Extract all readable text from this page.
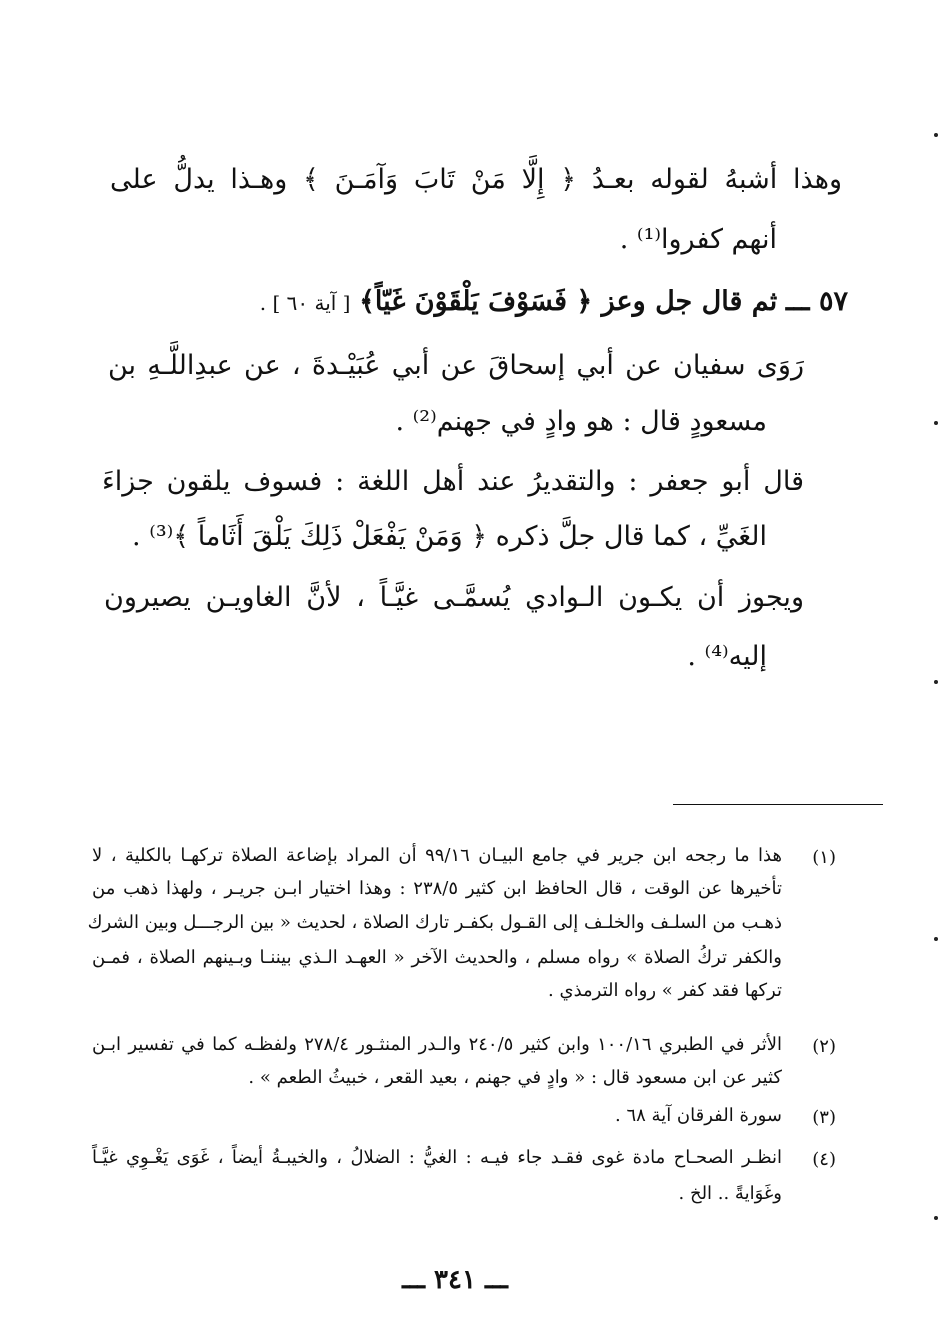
وهذا أشبهُ لقوله بعـدُ ﴿ إِلَّا مَنْ تَابَ وَآمَـنَ ﴾ وهـذا يدلُّ على
أنهم كفروا⁽¹⁾ .
٥٧ ـــ ثم قال جل وعز ﴿ فَسَوْفَ يَلْقَوْنَ غَيّاً﴾ [ آية ٦٠ ] .
رَوَى سفيان عن أبي إسحاقَ عن أبي عُبَيْـدةَ ، عن عبدِاللَّـهِ بن
مسعودٍ قال : هو وادٍ في جهنم⁽²⁾ .
قال أبو جعفر : والتقديرُ عند أهل اللغة : فسوف يلقون جزاءَ
الغَيِّ ، كما قال جلَّ ذكره ﴿ وَمَنْ يَفْعَلْ ذَلِكَ يَلْقَ أَثَاماً ﴾⁽³⁾ .
ويجوز أن يكـون الـوادي يُسمَّـى غيَّـاً ، لأنَّ الغاويـن يصيرون
إليه⁽⁴⁾ .
(١)
هذا ما رجحه ابن جرير في جامع البيـان ٩٩/١٦ أن المراد بإضاعة الصلاة تركهـا بالكلية ، لا
تأخيرها عن الوقت ، قال الحافظ ابن كثير ٢٣٨/٥ : وهذا اختيار ابـن جريـر ، ولهذا ذهب من
ذهـب من السلـف والخلـف إلى القـول بكفـر تارك الصلاة ، لحديث « بين الرجـــل وبين الشرك
والكفر تركُ الصلاة » رواه مسلم ، والحديث الآخر « العهـد الـذي بيننـا وبـينهم الصلاة ، فمـن
تركها فقد كفر » رواه الترمذي .
(٢)
الأثر في الطبري ١٠٠/١٦ وابن كثير ٢٤٠/٥ والـدر المنثـور ٢٧٨/٤ ولفظـه كما في تفسير ابـن
كثير عن ابن مسعود قال : « وادٍ في جهنم ، بعيد القعر ، خبيثُ الطعم » .
(٣)
سورة الفرقان آية ٦٨ .
(٤)
انظـر الصحـاح مادة غوى فقـد جاء فيـه : الغيُّ : الضلالُ ، والخيبـةُ أيضاً ، غَوَى يَغْـوِي غيَّـاً
وغَوَايةً .. الخ .
ـــ ٣٤١ ـــ
